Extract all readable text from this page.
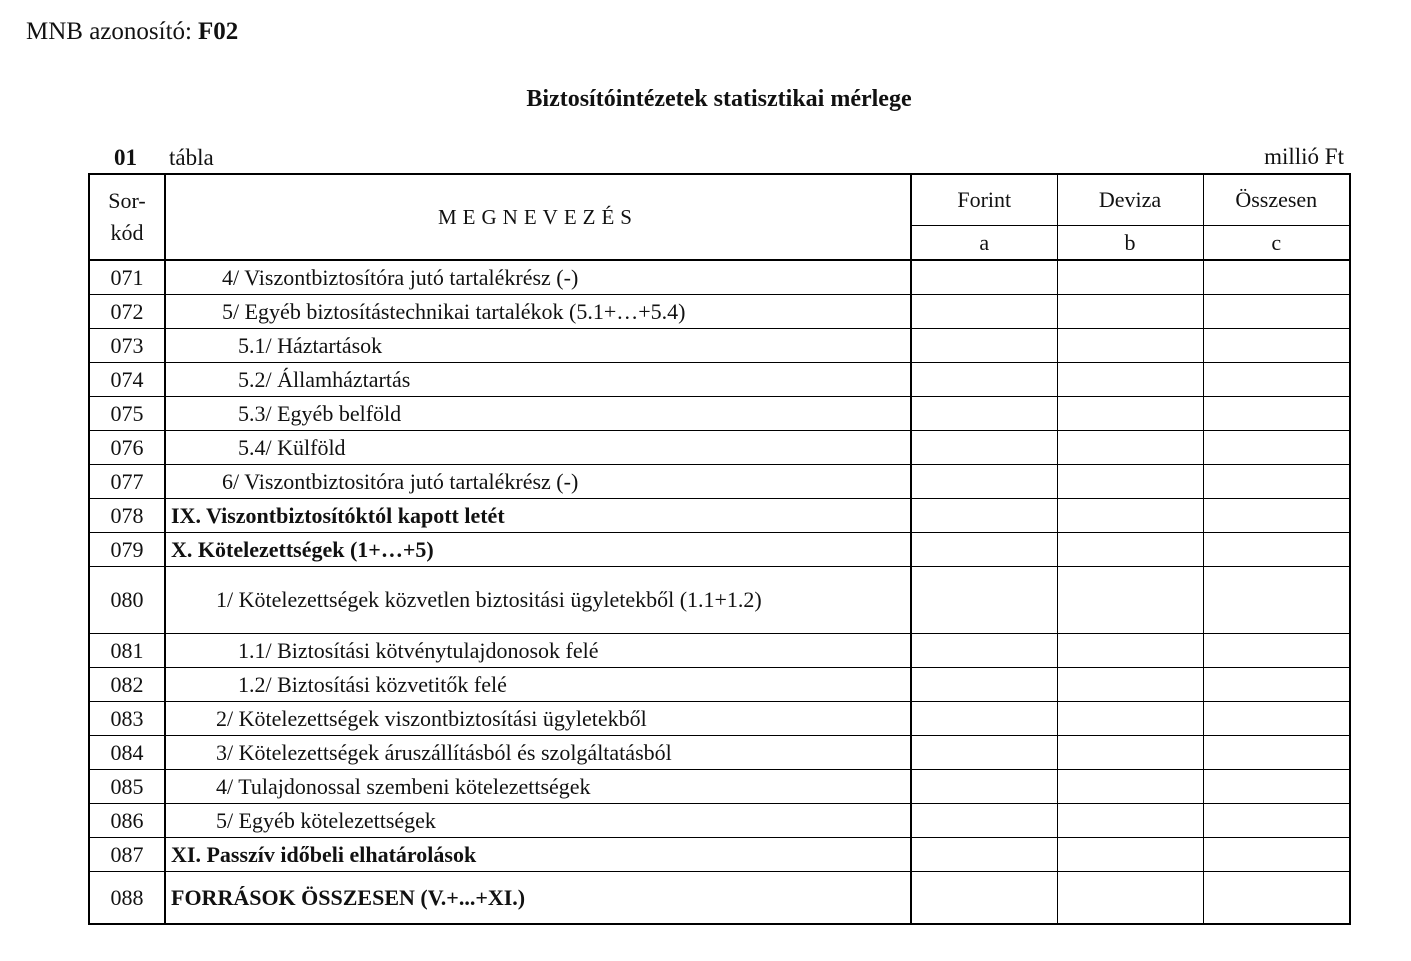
MNB azonosító: F02
Biztosítóintézetek statisztikai mérlege
01 tábla	millió Ft
Sor-
kód	MEGNEVEZÉS	Forint	Deviza	Összesen
		a	b	c
071	4/ Viszontbiztosítóra jutó tartalékrész (-)			
072	5/ Egyéb biztosítástechnikai tartalékok (5.1+…+5.4)			
073	5.1/ Háztartások			
074	5.2/ Államháztartás			
075	5.3/ Egyéb belföld			
076	5.4/ Külföld			
077	6/ Viszontbiztositóra jutó tartalékrész (-)			
078	IX. Viszontbiztosítóktól kapott letét			
079	X. Kötelezettségek (1+…+5)			
080	1/ Kötelezettségek közvetlen biztositási ügyletekből (1.1+1.2)			
081	1.1/ Biztosítási kötvénytulajdonosok felé			
082	1.2/ Biztosítási közvetitők felé			
083	2/ Kötelezettségek viszontbiztosítási ügyletekből			
084	3/ Kötelezettségek áruszállításból és szolgáltatásból			
085	4/ Tulajdonossal szembeni kötelezettségek			
086	5/ Egyéb kötelezettségek			
087	XI. Passzív időbeli elhatárolások			
088	FORRÁSOK ÖSSZESEN (V.+...+XI.)			
